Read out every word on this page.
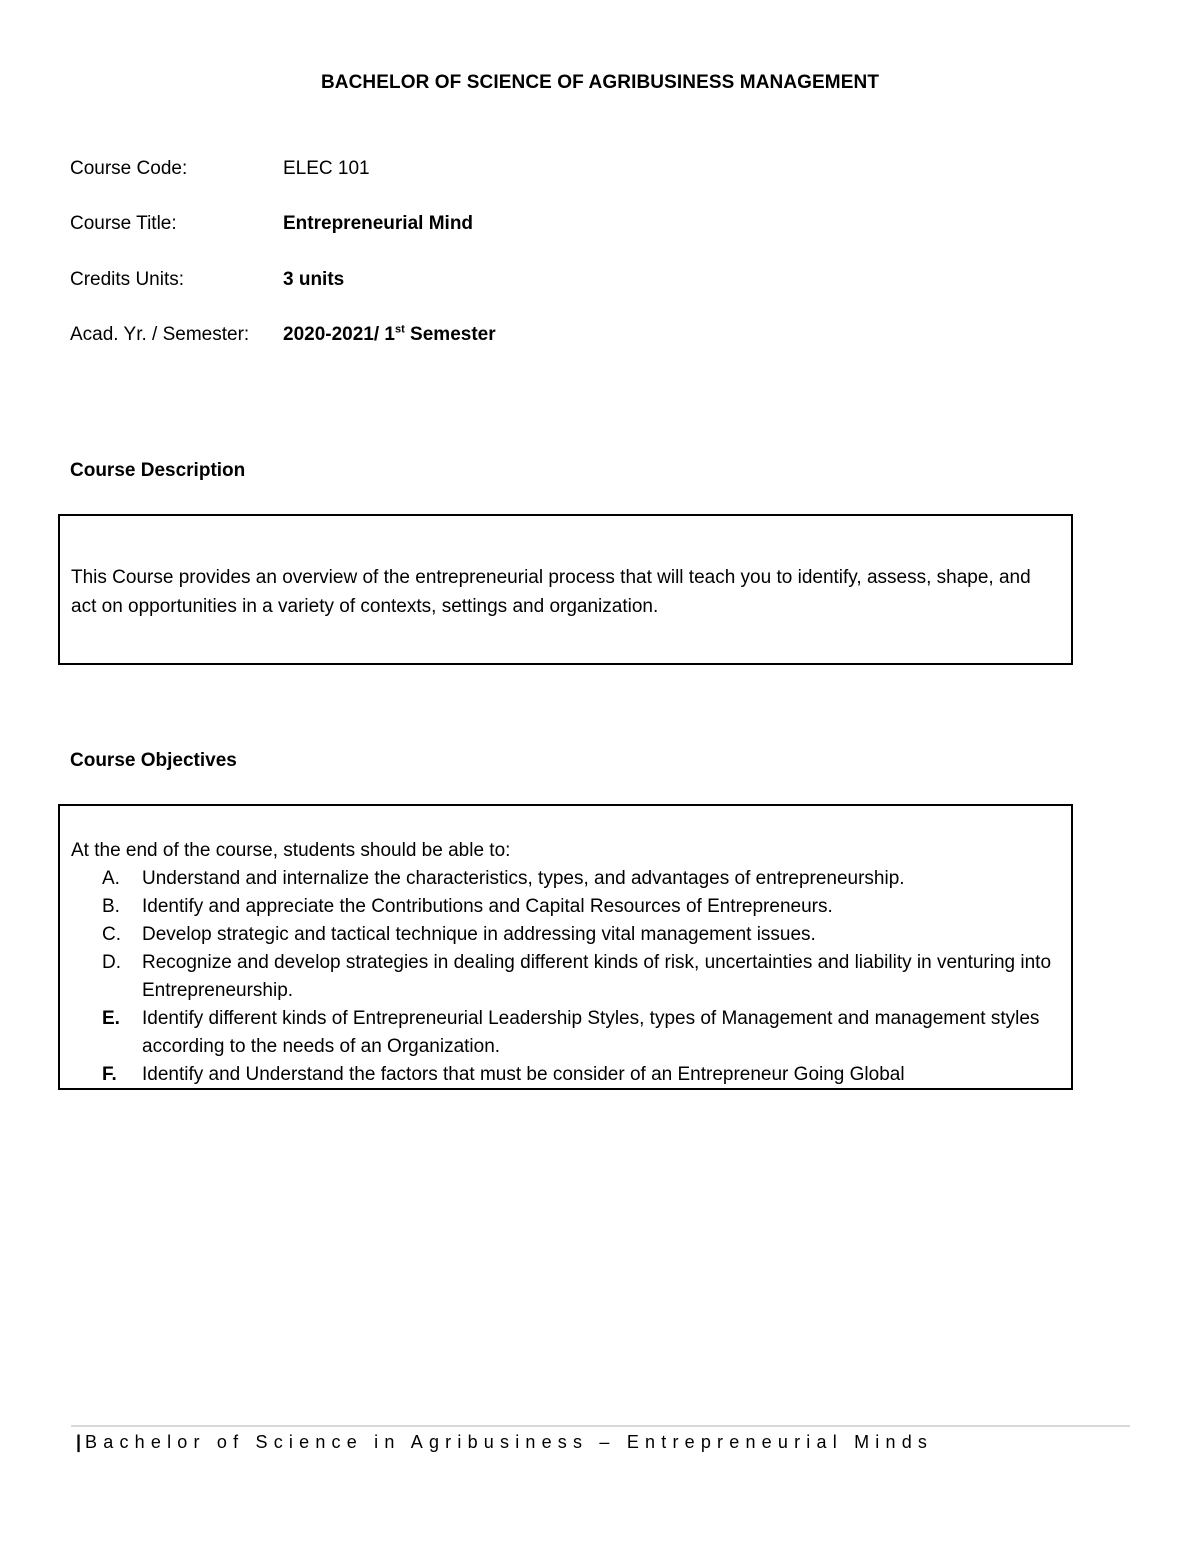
BACHELOR OF SCIENCE OF AGRIBUSINESS MANAGEMENT
Course Code:	ELEC 101
Course Title:	Entrepreneurial Mind
Credits Units:	3 units
Acad. Yr. / Semester: 2020-2021/ 1st Semester
Course Description
This Course provides an overview of the entrepreneurial process that will teach you to identify, assess, shape, and act on opportunities in a variety of contexts, settings and organization.
Course Objectives
At the end of the course, students should be able to:
A. Understand and internalize the characteristics, types, and advantages of entrepreneurship.
B. Identify and appreciate the Contributions and Capital Resources of Entrepreneurs.
C. Develop strategic and tactical technique in addressing vital management issues.
D. Recognize and develop strategies in dealing different kinds of risk, uncertainties and liability in venturing into Entrepreneurship.
E. Identify different kinds of Entrepreneurial Leadership Styles, types of Management and management styles according to the needs of an Organization.
F. Identify and Understand the factors that must be consider of an Entrepreneur Going Global
| Bachelor of Science in Agribusiness – Entrepreneurial Minds
